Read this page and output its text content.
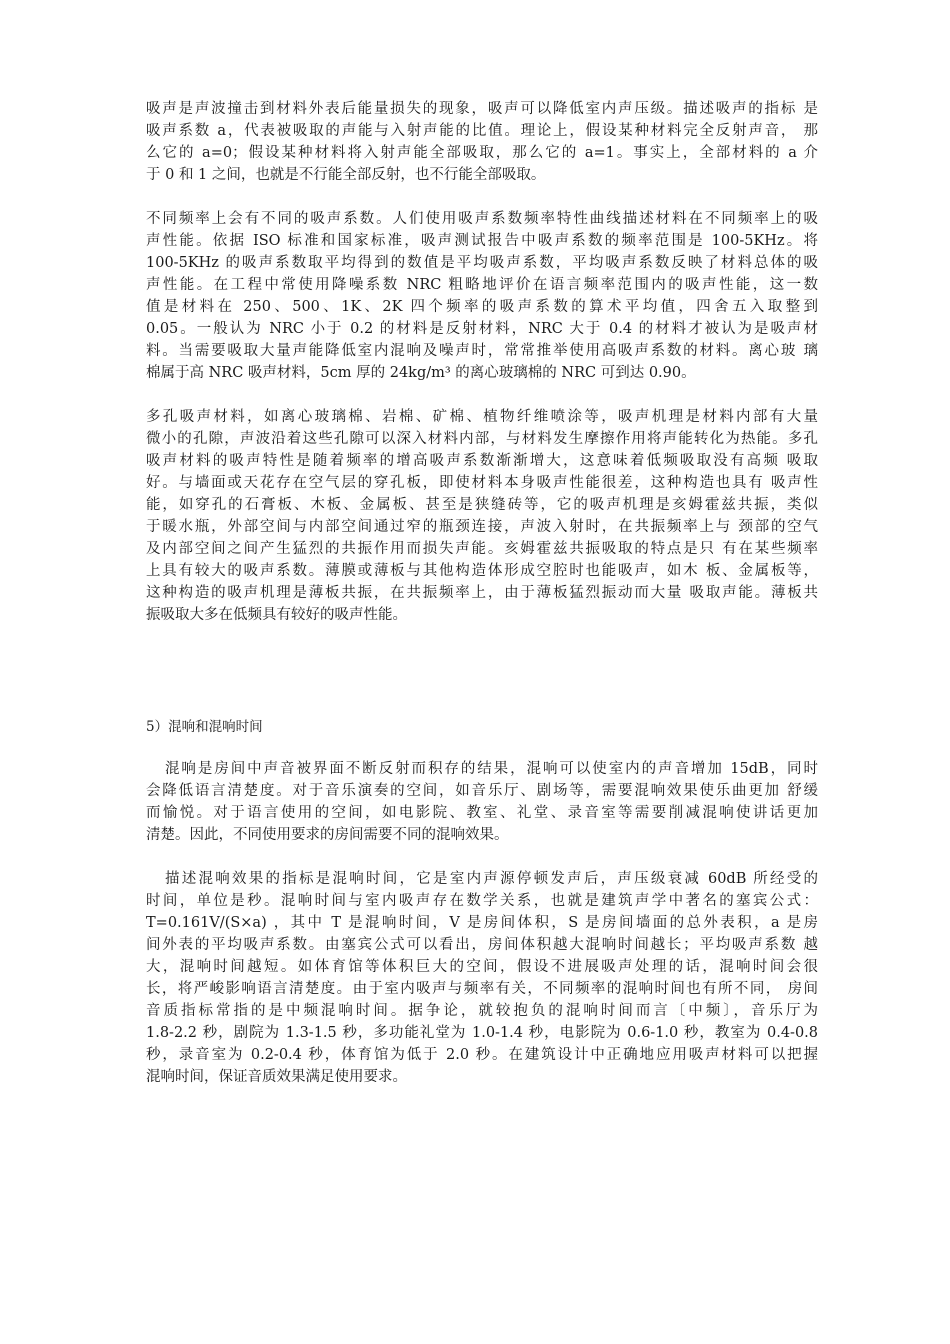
吸声是声波撞击到材料外表后能量损失的现象，吸声可以降低室内声压级。描述吸声的指标 是
吸声系数 a，代表被吸取的声能与入射声能的比值。理论上，假设某种材料完全反射声音， 那
么它的 a=0；假设某种材料将入射声能全部吸取，那么它的 a=1。事实上，全部材料的 a 介
于 0 和 1 之间，也就是不行能全部反射，也不行能全部吸取。
不同频率上会有不同的吸声系数。人们使用吸声系数频率特性曲线描述材料在不同频率上的吸
声性能。依据 ISO 标准和国家标准，吸声测试报告中吸声系数的频率范围是 100-5KHz。将
100-5KHz 的吸声系数取平均得到的数值是平均吸声系数，平均吸声系数反映了材料总体的吸
声性能。在工程中常使用降噪系数 NRC 粗略地评价在语言频率范围内的吸声性能，这一数
值是材料在 250、500、1K、2K 四个频率的吸声系数的算术平均值，四舍五入取整到
0.05。一般认为 NRC 小于 0.2 的材料是反射材料，NRC 大于 0.4 的材料才被认为是吸声材
料。当需要吸取大量声能降低室内混响及噪声时，常常推举使用高吸声系数的材料。离心玻 璃
棉属于高 NRC 吸声材料，5cm 厚的 24kg/m³ 的离心玻璃棉的 NRC 可到达 0.90。
多孔吸声材料，如离心玻璃棉、岩棉、矿棉、植物纤维喷涂等，吸声机理是材料内部有大量
微小的孔隙，声波沿着这些孔隙可以深入材料内部，与材料发生摩擦作用将声能转化为热能。多孔
吸声材料的吸声特性是随着频率的增高吸声系数渐渐增大，这意味着低频吸取没有高频 吸取
好。与墙面或天花存在空气层的穿孔板，即使材料本身吸声性能很差，这种构造也具有 吸声性
能，如穿孔的石膏板、木板、金属板、甚至是狭缝砖等，它的吸声机理是亥姆霍兹共振，类似
于暖水瓶，外部空间与内部空间通过窄的瓶颈连接，声波入射时，在共振频率上与 颈部的空气
及内部空间之间产生猛烈的共振作用而损失声能。亥姆霍兹共振吸取的特点是只 有在某些频率
上具有较大的吸声系数。薄膜或薄板与其他构造体形成空腔时也能吸声，如木 板、金属板等，
这种构造的吸声机理是薄板共振，在共振频率上，由于薄板猛烈振动而大量 吸取声能。薄板共
振吸取大多在低频具有较好的吸声性能。
5）混响和混响时间
混响是房间中声音被界面不断反射而积存的结果，混响可以使室内的声音增加 15dB，同时
会降低语言清楚度。对于音乐演奏的空间，如音乐厅、剧场等，需要混响效果使乐曲更加 舒缓
而愉悦。对于语言使用的空间，如电影院、教室、礼堂、录音室等需要削减混响使讲话更加
清楚。因此，不同使用要求的房间需要不同的混响效果。
描述混响效果的指标是混响时间，它是室内声源停顿发声后，声压级衰减 60dB 所经受的
时间，单位是秒。混响时间与室内吸声存在数学关系，也就是建筑声学中著名的塞宾公式：
T=0.161V/(S×a) ，其中 T 是混响时间，V 是房间体积，S 是房间墙面的总外表积，a 是房
间外表的平均吸声系数。由塞宾公式可以看出，房间体积越大混响时间越长；平均吸声系数 越
大，混响时间越短。如体育馆等体积巨大的空间，假设不进展吸声处理的话，混响时间会很
长，将严峻影响语言清楚度。由于室内吸声与频率有关，不同频率的混响时间也有所不同， 房间
音质指标常指的是中频混响时间。据争论，就较抱负的混响时间而言〔中频〕，音乐厅为
1.8-2.2 秒，剧院为 1.3-1.5 秒，多功能礼堂为 1.0-1.4 秒，电影院为 0.6-1.0 秒，教室为 0.4-0.8
秒，录音室为 0.2-0.4 秒，体育馆为低于 2.0 秒。在建筑设计中正确地应用吸声材料可以把握
混响时间，保证音质效果满足使用要求。
